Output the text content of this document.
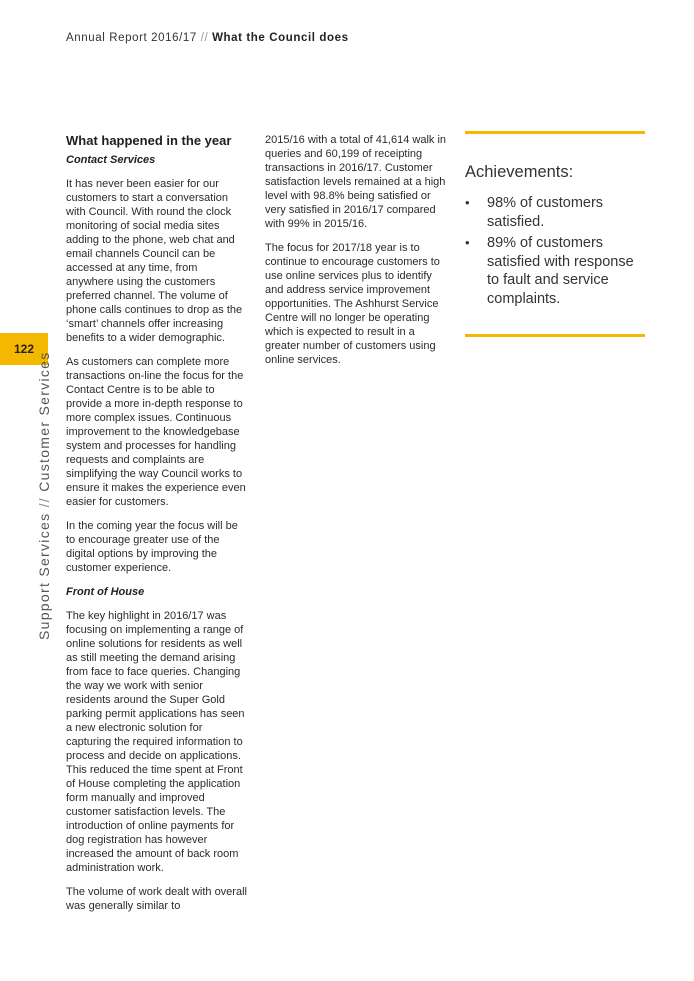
Annual Report 2016/17 // What the Council does
122
Support Services // Customer Services
What happened in the year
Contact Services

It has never been easier for our customers to start a conversation with Council. With round the clock monitoring of social media sites adding to the phone, web chat and email channels Council can be accessed at any time, from anywhere using the customers preferred channel. The volume of phone calls continues to drop as the ‘smart’ channels offer increasing benefits to a wider demographic.

As customers can complete more transactions on-line the focus for the Contact Centre is to be able to provide a more in-depth response to more complex issues. Continuous improvement to the knowledgebase system and processes for handling requests and complaints are simplifying the way Council works to ensure it makes the experience even easier for customers.

In the coming year the focus will be to encourage greater use of the digital options by improving the customer experience.

Front of House

The key highlight in 2016/17 was focusing on implementing a range of online solutions for residents as well as still meeting the demand arising from face to face queries. Changing the way we work with senior residents around the Super Gold parking permit applications has seen a new electronic solution for capturing the required information to process and decide on applications. This reduced the time spent at Front of House completing the application form manually and improved customer satisfaction levels. The introduction of online payments for dog registration has however increased the amount of back room administration work.

The volume of work dealt with overall was generally similar to

2015/16 with a total of 41,614 walk in queries and 60,199 of receipting transactions in 2016/17. Customer satisfaction levels remained at a high level with 98.8% being satisfied or very satisfied in 2016/17 compared with 99% in 2015/16.

The focus for 2017/18 year is to continue to encourage customers to use online services plus to identify and address service improvement opportunities. The Ashhurst Service Centre will no longer be operating which is expected to result in a greater number of customers using online services.

Achievements:
• 98% of customers satisfied.
• 89% of customers satisfied with response to fault and service complaints.
